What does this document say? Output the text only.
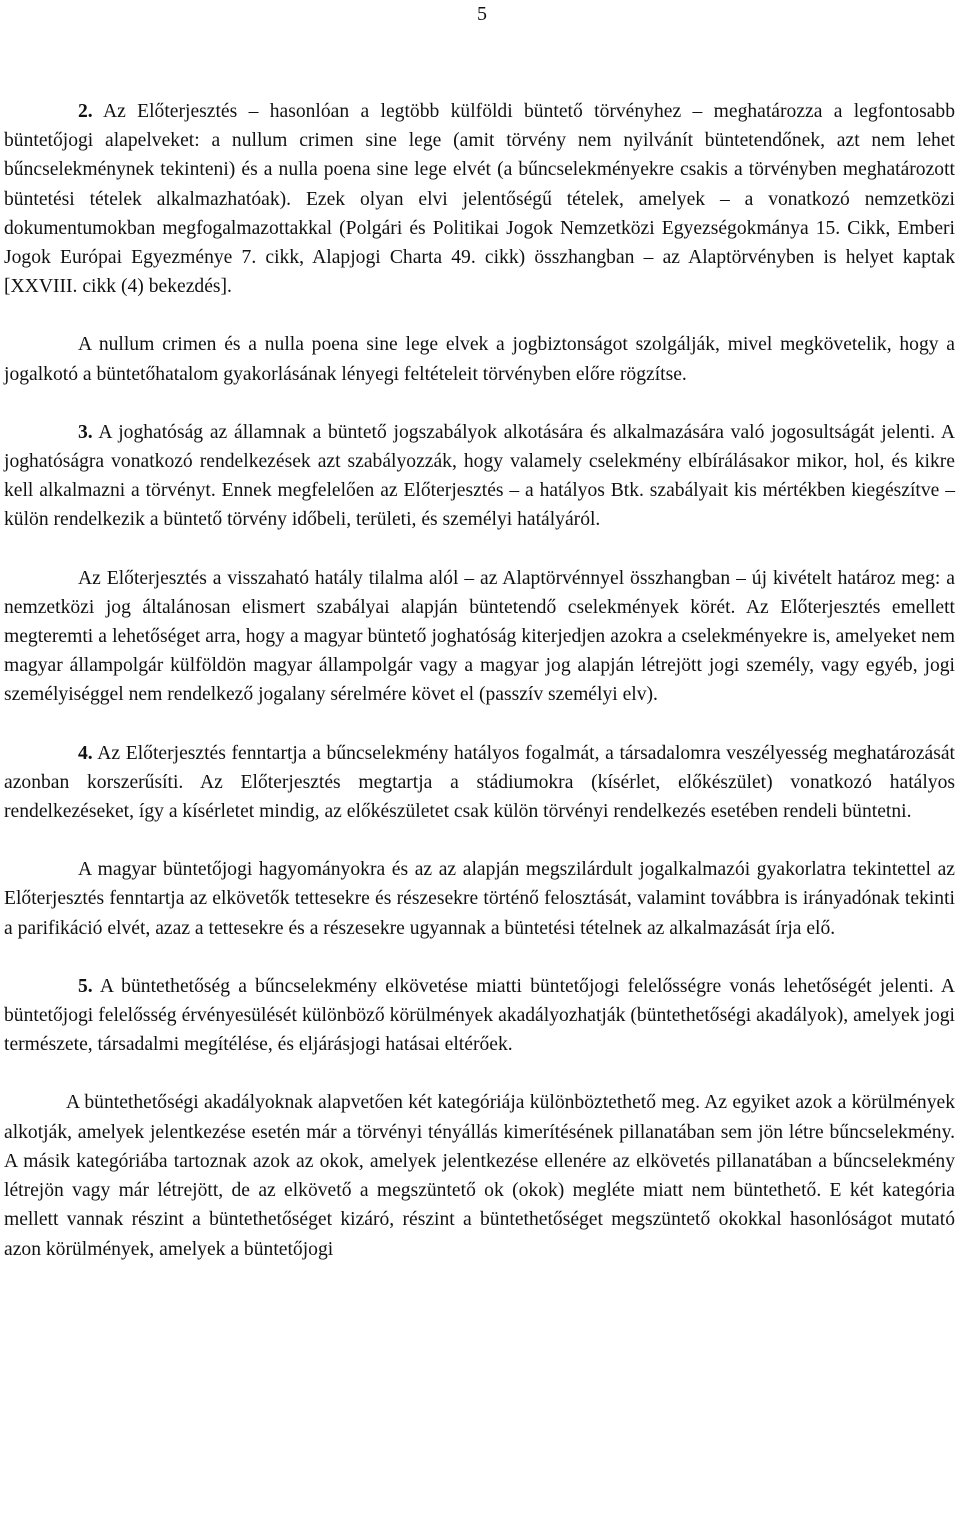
5

2. Az Előterjesztés – hasonlóan a legtöbb külföldi büntető törvényhez – meghatározza a legfontosabb büntetőjogi alapelveket: a nullum crimen sine lege (amit törvény nem nyilvánít büntetendőnek, azt nem lehet bűncselekménynek tekinteni) és a nulla poena sine lege elvét (a bűncselekményekre csakis a törvényben meghatározott büntetési tételek alkalmazhatóak). Ezek olyan elvi jelentőségű tételek, amelyek – a vonatkozó nemzetközi dokumentumokban megfogalmazottakkal (Polgári és Politikai Jogok Nemzetközi Egyezségokmánya 15. Cikk, Emberi Jogok Európai Egyezménye 7. cikk, Alapjogi Charta 49. cikk) összhangban – az Alaptörvényben is helyet kaptak [XXVIII. cikk (4) bekezdés].

A nullum crimen és a nulla poena sine lege elvek a jogbiztonságot szolgálják, mivel megkövetelik, hogy a jogalkotó a büntetőhatalom gyakorlásának lényegi feltételeit törvényben előre rögzítse.

3. A joghatóság az államnak a büntető jogszabályok alkotására és alkalmazására való jogosultságát jelenti. A joghatóságra vonatkozó rendelkezések azt szabályozzák, hogy valamely cselekmény elbírálásakor mikor, hol, és kikre kell alkalmazni a törvényt. Ennek megfelelően az Előterjesztés – a hatályos Btk. szabályait kis mértékben kiegészítve – külön rendelkezik a büntető törvény időbeli, területi, és személyi hatályáról.

Az Előterjesztés a visszaható hatály tilalma alól – az Alaptörvénnyel összhangban – új kivételt határoz meg: a nemzetközi jog általánosan elismert szabályai alapján büntetendő cselekmények körét. Az Előterjesztés emellett megteremti a lehetőséget arra, hogy a magyar büntető joghatóság kiterjedjen azokra a cselekményekre is, amelyeket nem magyar állampolgár külföldön magyar állampolgár vagy a magyar jog alapján létrejött jogi személy, vagy egyéb, jogi személyiséggel nem rendelkező jogalany sérelmére követ el (passzív személyi elv).

4. Az Előterjesztés fenntartja a bűncselekmény hatályos fogalmát, a társadalomra veszélyesség meghatározását azonban korszerűsíti. Az Előterjesztés megtartja a stádiumokra (kísérlet, előkészület) vonatkozó hatályos rendelkezéseket, így a kísérletet mindig, az előkészületet csak külön törvényi rendelkezés esetében rendeli büntetni.

A magyar büntetőjogi hagyományokra és az az alapján megszilárdult jogalkalmazói gyakorlatra tekintettel az Előterjesztés fenntartja az elkövetők tettesekre és részesekre történő felosztását, valamint továbbra is irányadónak tekinti a parifikáció elvét, azaz a tettesekre és a részesekre ugyannak a büntetési tételnek az alkalmazását írja elő.

5. A büntethetőség a bűncselekmény elkövetése miatti büntetőjogi felelősségre vonás lehetőségét jelenti. A büntetőjogi felelősség érvényesülését különböző körülmények akadályozhatják (büntethetőségi akadályok), amelyek jogi természete, társadalmi megítélése, és eljárásjogi hatásai eltérőek.

A büntethetőségi akadályoknak alapvetően két kategóriája különböztethető meg. Az egyiket azok a körülmények alkotják, amelyek jelentkezése esetén már a törvényi tényállás kimerítésének pillanatában sem jön létre bűncselekmény. A másik kategóriába tartoznak azok az okok, amelyek jelentkezése ellenére az elkövetés pillanatában a bűncselekmény létrejön vagy már létrejött, de az elkövető a megszüntető ok (okok) megléte miatt nem büntethető. E két kategória mellett vannak részint a büntethetőséget kizáró, részint a büntethetőséget megszüntető okokkal hasonlóságot mutató azon körülmények, amelyek a büntetőjogi
